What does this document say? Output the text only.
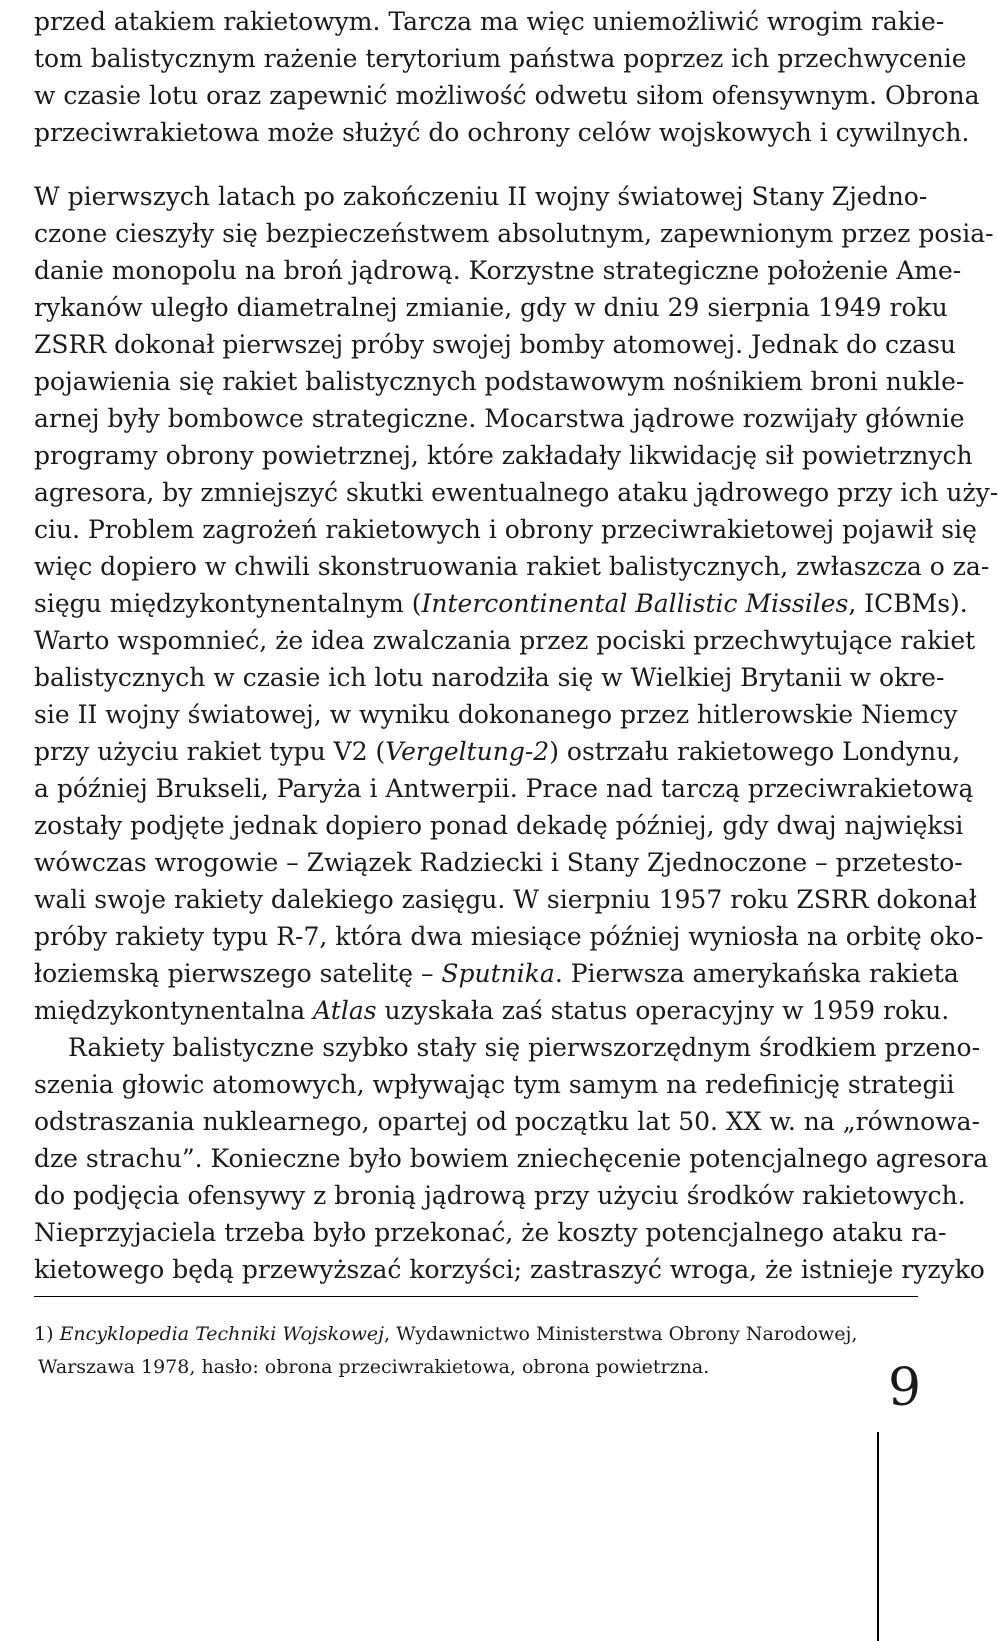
przed atakiem rakietowym. Tarcza ma więc uniemożliwić wrogim rakie-
tom balistycznym rażenie terytorium państwa poprzez ich przechwycenie
w czasie lotu oraz zapewnić możliwość odwetu siłom ofensywnym. Obrona
przeciwrakietowa może służyć do ochrony celów wojskowych i cywilnych.
W pierwszych latach po zakończeniu II wojny światowej Stany Zjedno-
czone cieszyły się bezpieczeństwem absolutnym, zapewnionym przez posia-
danie monopolu na broń jądrową. Korzystne strategiczne położenie Ame-
rykanów uległo diametralnej zmianie, gdy w dniu 29 sierpnia 1949 roku
ZSRR dokonał pierwszej próby swojej bomby atomowej. Jednak do czasu
pojawienia się rakiet balistycznych podstawowym nośnikiem broni nukle-
arnej były bombowce strategiczne. Mocarstwa jądrowe rozwijały głównie
programy obrony powietrznej, które zakładały likwidację sił powietrznych
agresora, by zmniejszyć skutki ewentualnego ataku jądrowego przy ich uży-
ciu. Problem zagrożeń rakietowych i obrony przeciwrakietowej pojawił się
więc dopiero w chwili skonstruowania rakiet balistycznych, zwłaszcza o za-
sięgu międzykontynentalnym (Intercontinental Ballistic Missiles, ICBMs).
Warto wspomnieć, że idea zwalczania przez pociski przechwytujące rakiet
balistycznych w czasie ich lotu narodziła się w Wielkiej Brytanii w okre-
sie II wojny światowej, w wyniku dokonanego przez hitlerowskie Niemcy
przy użyciu rakiet typu V2 (Vergeltung-2) ostrzału rakietowego Londynu,
a później Brukseli, Paryża i Antwerpii. Prace nad tarczą przeciwrakietową
zostały podjęte jednak dopiero ponad dekadę później, gdy dwaj najwięksi
wówczas wrogowie – Związek Radziecki i Stany Zjednoczone – przetesto-
wali swoje rakiety dalekiego zasięgu. W sierpniu 1957 roku ZSRR dokonał
próby rakiety typu R-7, która dwa miesiące później wyniosła na orbitę oko-
łoziemską pierwszego satelitę – Sputnika. Pierwsza amerykańska rakieta
międzykontynentalna Atlas uzyskała zaś status operacyjny w 1959 roku.
Rakiety balistyczne szybko stały się pierwszorzędnym środkiem przeno-
szenia głowic atomowych, wpływając tym samym na redefinicję strategii
odstraszania nuklearnego, opartej od początku lat 50. XX w. na „równowa-
dze strachu”. Konieczne było bowiem zniechęcenie potencjalnego agresora
do podjęcia ofensywy z bronią jądrową przy użyciu środków rakietowych.
Nieprzyjaciela trzeba było przekonać, że koszty potencjalnego ataku ra-
kietowego będą przewyższać korzyści; zastraszyć wroga, że istnieje ryzyko
1) Encyklopedia Techniki Wojskowej, Wydawnictwo Ministerstwa Obrony Narodowej,
Warszawa 1978, hasło: obrona przeciwrakietowa, obrona powietrzna.	9
